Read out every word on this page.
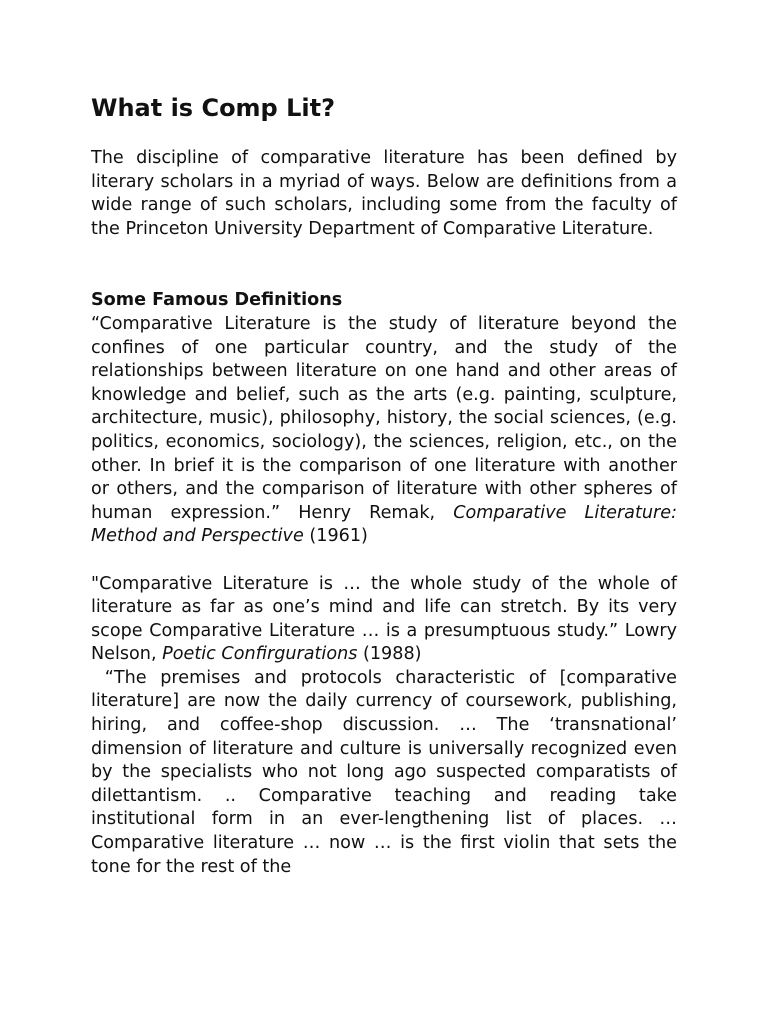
What is Comp Lit?

The discipline of comparative literature has been defined by literary scholars in a myriad of ways. Below are definitions from a wide range of such scholars, including some from the faculty of the Princeton University Department of Comparative Literature.

Some Famous Definitions

“Comparative Literature is the study of literature beyond the confines of one particular country, and the study of the relationships between literature on one hand and other areas of knowledge and belief, such as the arts (e.g. painting, sculpture, architecture, music), philosophy, history, the social sciences, (e.g. politics, economics, sociology), the sciences, religion, etc., on the other. In brief it is the comparison of one literature with another or others, and the comparison of literature with other spheres of human expression.” Henry Remak, Comparative Literature: Method and Perspective (1961)

"Comparative Literature is … the whole study of the whole of literature as far as one’s mind and life can stretch. By its very scope Comparative Literature … is a presumptuous study.” Lowry Nelson, Poetic Confirgurations (1988)

“The premises and protocols characteristic of [comparative literature] are now the daily currency of coursework, publishing, hiring, and coffee-shop discussion. … The ‘transnational’ dimension of literature and culture is universally recognized even by the specialists who not long ago suspected comparatists of dilettantism. .. Comparative teaching and reading take institutional form in an ever-lengthening list of places. … Comparative literature … now … is the first violin that sets the tone for the rest of the
